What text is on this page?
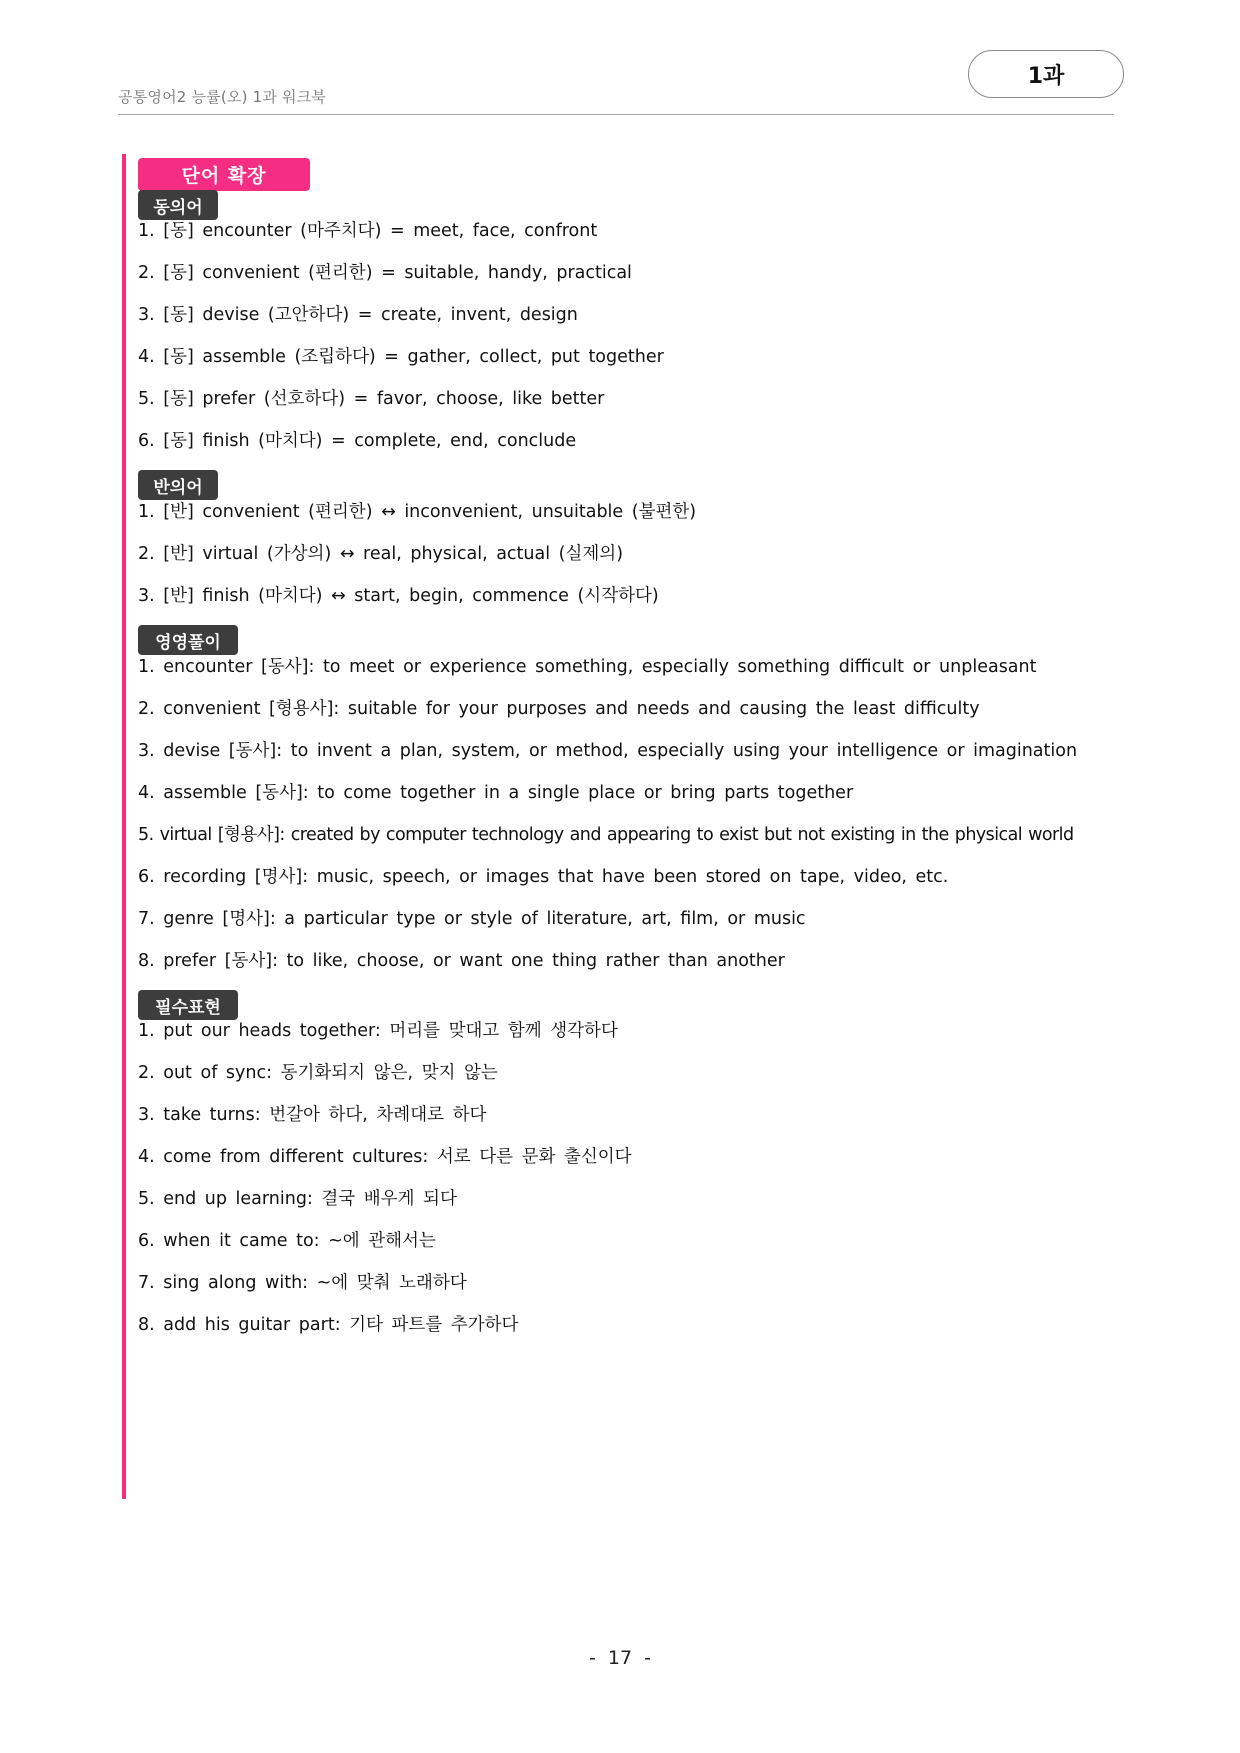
공통영어2 능률(오) 1과 워크북
1과
단어 확장
동의어
1. [동] encounter (마주치다) = meet, face, confront
2. [동] convenient (편리한) = suitable, handy, practical
3. [동] devise (고안하다) = create, invent, design
4. [동] assemble (조립하다) = gather, collect, put together
5. [동] prefer (선호하다) = favor, choose, like better
6. [동] finish (마치다) = complete, end, conclude
반의어
1. [반] convenient (편리한) ↔ inconvenient, unsuitable (불편한)
2. [반] virtual (가상의) ↔ real, physical, actual (실제의)
3. [반] finish (마치다) ↔ start, begin, commence (시작하다)
영영풀이
1. encounter [동사]: to meet or experience something, especially something difficult or unpleasant
2. convenient [형용사]: suitable for your purposes and needs and causing the least difficulty
3. devise [동사]: to invent a plan, system, or method, especially using your intelligence or imagination
4. assemble [동사]: to come together in a single place or bring parts together
5. virtual [형용사]: created by computer technology and appearing to exist but not existing in the physical world
6. recording [명사]: music, speech, or images that have been stored on tape, video, etc.
7. genre [명사]: a particular type or style of literature, art, film, or music
8. prefer [동사]: to like, choose, or want one thing rather than another
필수표현
1. put our heads together: 머리를 맞대고 함께 생각하다
2. out of sync: 동기화되지 않은, 맞지 않는
3. take turns: 번갈아 하다, 차례대로 하다
4. come from different cultures: 서로 다른 문화 출신이다
5. end up learning: 결국 배우게 되다
6. when it came to: ~에 관해서는
7. sing along with: ~에 맞춰 노래하다
8. add his guitar part: 기타 파트를 추가하다
- 17 -
